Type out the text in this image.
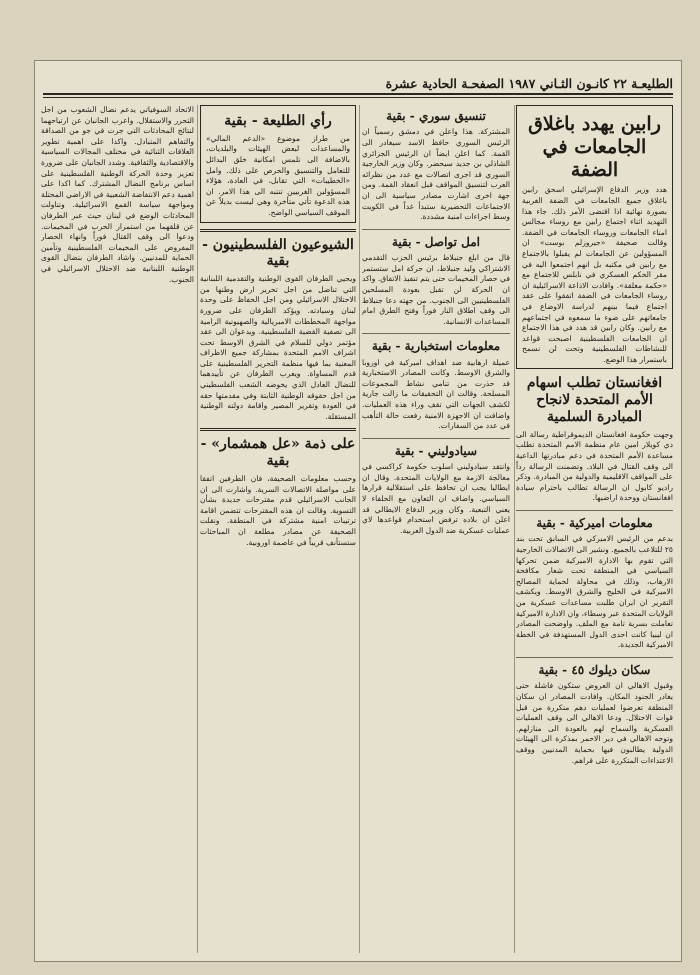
الطليعـة ٢٢ كانـون الثـاني ١٩٨٧ الصفحـة الحادية عشرة
رابين يهدد باغلاق الجامعات في الضفة

هدد وزير الدفاع الإسرائيلي اسحق رابين باغلاق جميع الجامعات في الضفة الغربية بصورة نهائية اذا اقتضى الأمر ذلك. جاء هذا التهديد اثناء اجتماع رابين مع روساء مجالس امناء الجامعات وروساء الجامعات في الضفة. وقالت صحيفة «جيروزلم بوست» ان المسؤولين عن الجامعات لم يقبلوا بالاجتماع مع رابين في مكتبه بل انهم اجتمعوا اليه في مقر الحكم العسكري في نابلس للاجتماع مع «حكمة مغلقة». وافادت الاذاعة الاسرائيلية ان روساء الجامعات في الضفة اتفقوا على عقد اجتماع فيما بينهم لدراسة الاوضاع في جامعاتهم على ضوء ما سمعوه في اجتماعهم مع رابين. وكان رابين قد هدد في هذا الاجتماع ان الجامعات الفلسطينية اصبحت قواعد للنشاطات الفلسطينية وتحت لن نسمح باستمرار هذا الوضع.

افغانستان تطلب اسهام الأمم المتحدة لانجاح المبادرة السلمية

وجهت حكومة افغانستان الديموقراطية رسالة الى دي كويلار امين عام منظمة الامم المتحدة تطلب مساعدة الأمم المتحدة في دعم مبادرتها الداعية الى وقف القتال في البلاد. وتضمنت الرسالة رداً على المواقف الاقليمية والدولية من المبادرة. وذكر راديو كابول ان الرسالة تطالب باحترام سيادة افغانستان ووحدة اراضيها.

معلومات اميركية - بقية

بدعم من الرئيس الاميركي في السابق تحت بند ٢٥ للتلاعب بالجميع. ونشير الى الاتصالات الخارجية التي تقوم بها الادارة الاميركية ضمن تحركها السياسي في المنطقة تحت شعار مكافحة الارهاب، وذلك في محاولة لحماية المصالح الاميركية في الخليج والشرق الاوسط. ويكشف التقرير ان ايران طلبت مساعدات عسكرية من الولايات المتحدة عبر وسطاء، وان الادارة الاميركية تعاملت بسرية تامة مع الملف. واوضحت المصادر ان ليبيا كانت احدى الدول المستهدفة في الخطة الاميركية الجديدة.

سكان ديلوك ٤٥ - بقية

وقبول الاهالي ان العروض ستكون فاشلة حتى يغادر الجنود المكان. وافادت المصادر ان سكان المنطقة تعرضوا لعمليات دهم متكررة من قبل قوات الاحتلال. ودعا الاهالي الى وقف العمليات العسكرية والسماح لهم بالعودة الى منازلهم. وتوجه الاهالي في دير الاحمر بمذكرة الى الهيئات الدولية يطالبون فيها بحماية المدنيين ووقف الاعتداءات المتكررة على قراهم.

تنسيق سوري - بقية

المشتركة. هذا واعلن في دمشق رسمياً ان الرئيس السوري حافظ الاسد سيغادر الى القمة. كما اعلن ايضاً ان الرئيس الجزائري الشاذلي بن جديد سيحضر. وكان وزير الخارجية السوري قد اجرى اتصالات مع عدد من نظرائه العرب لتنسيق المواقف قبل انعقاد القمة. ومن جهة اخرى اشارت مصادر سياسية الى ان الاجتماعات التحضيرية ستبدأ غداً في الكويت وسط اجراءات امنية مشددة.

امل تواصل - بقية

قال من ابلغ جنبلاط برئيس الحزب التقدمي الاشتراكي وليد جنبلاط، ان حركة امل ستستمر في حصار المخيمات حتى يتم تنفيذ الاتفاق. واكد ان الحركة لن تقبل بعودة المسلحين الفلسطينيين الى الجنوب. من جهته دعا جنبلاط الى وقف اطلاق النار فوراً وفتح الطرق امام المساعدات الانسانية.

معلومات استخبارية - بقية

عميلة ارهابية ضد اهداف اميركية في اوروبا والشرق الاوسط. وكانت المصادر الاستخبارية قد حذرت من تنامي نشاط المجموعات المسلحة. وقالت ان التحقيقات ما زالت جارية لكشف الجهات التي تقف وراء هذه العمليات. واضافت ان الاجهزة الامنية رفعت حالة التأهب في عدد من السفارات.

سيادوليني - بقية

وانتقد سيادوليني اسلوب حكومة كراكسي في معالجة الازمة مع الولايات المتحدة. وقال ان ايطاليا يجب ان تحافظ على استقلالية قرارها السياسي. واضاف ان التعاون مع الحلفاء لا يعني التبعية. وكان وزير الدفاع الايطالي قد اعلن ان بلاده ترفض استخدام قواعدها لاي عمليات عسكرية ضد الدول العربية.

رأي الطليعة - بقية

من طراز موضوع «الدعم المالي» والمساعدات لبعض الهيئات والبلديات، بالاضافة الى تلمس امكانية خلق البدائل للتعامل والتنسيق والحرص على ذلك. وامل «الخطيبات» التي تقابل، في العادة، هؤلاء المسؤولين الغربيين تنتبه الى هذا الامر. ان هذه الدعوة تأتي متأخرة وهي ليست بديلاً عن الموقف السياسي الواضح.

الشيوعيون الفلسطينيون - بقية

ويحيي الطرفان القوى الوطنية والتقدمية اللبنانية التي تناضل من اجل تحرير ارض وطنها من الاحتلال الاسرائيلي ومن اجل الحفاظ على وحدة لبنان وسيادته. ويؤكد الطرفان على ضرورة مواجهة المخططات الامبريالية والصهيونية الرامية الى تصفية القضية الفلسطينية. ويدعوان الى عقد مؤتمر دولي للسلام في الشرق الاوسط تحت اشراف الامم المتحدة بمشاركة جميع الاطراف المعنية بما فيها منظمة التحرير الفلسطينية على قدم المساواة. ويعرب الطرفان عن تأييدهما للنضال العادل الذي يخوضه الشعب الفلسطيني من اجل حقوقه الوطنية الثابتة وفي مقدمتها حقه في العودة وتقرير المصير واقامة دولته الوطنية المستقلة.

على ذمة «عل همشمار» - بقية

وحسب معلومات الصحيفة، فان الطرفين اتفقا على مواصلة الاتصالات السرية. واشارت الى ان الجانب الاسرائيلي قدم مقترحات جديدة بشأن التسوية. وقالت ان هذه المقترحات تتضمن اقامة ترتيبات امنية مشتركة في المنطقة. ونقلت الصحيفة عن مصادر مطلعة ان المباحثات ستستأنف قريباً في عاصمة اوروبية.

الاتحاد السوفياتي يدعم نضال الشعوب من اجل التحرر والاستقلال. واعرب الجانبان عن ارتياحهما لنتائج المحادثات التي جرت في جو من الصداقة والتفاهم المتبادل. واكدا على اهمية تطوير العلاقات الثنائية في مختلف المجالات السياسية والاقتصادية والثقافية. وشدد الجانبان على ضرورة تعزيز وحدة الحركة الوطنية الفلسطينية على اساس برنامج النضال المشترك. كما اكدا على اهمية دعم الانتفاضة الشعبية في الاراضي المحتلة ومواجهة سياسة القمع الاسرائيلية. وتناولت المحادثات الوضع في لبنان حيث عبر الطرفان عن قلقهما من استمرار الحرب في المخيمات. ودعوا الى وقف القتال فوراً وانهاء الحصار المفروض على المخيمات الفلسطينية وتأمين الحماية للمدنيين. واشاد الطرفان بنضال القوى الوطنية اللبنانية ضد الاحتلال الاسرائيلي في الجنوب.
